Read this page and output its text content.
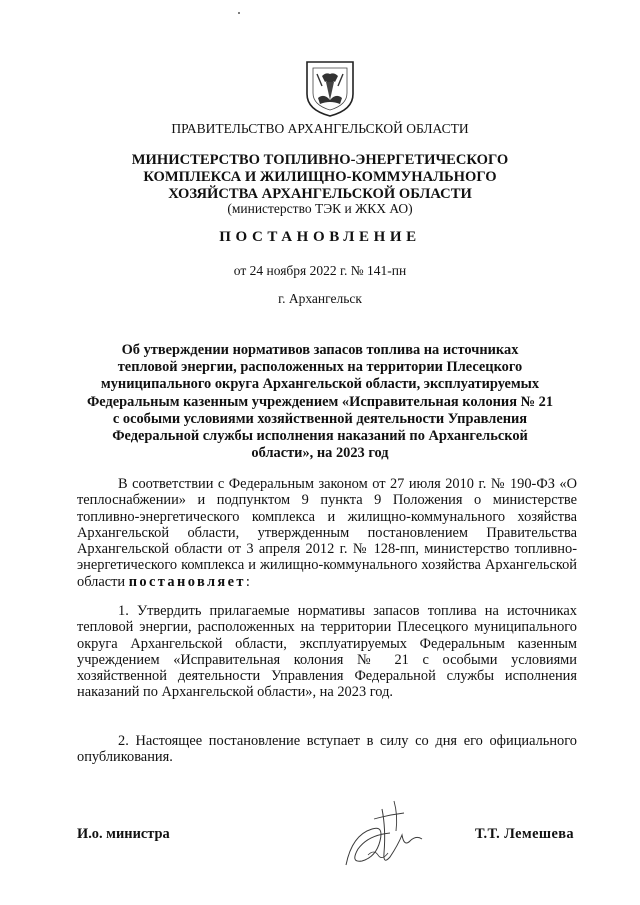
ПРАВИТЕЛЬСТВО АРХАНГЕЛЬСКОЙ ОБЛАСТИ
МИНИСТЕРСТВО ТОПЛИВНО-ЭНЕРГЕТИЧЕСКОГО
КОМПЛЕКСА И ЖИЛИЩНО-КОММУНАЛЬНОГО
ХОЗЯЙСТВА АРХАНГЕЛЬСКОЙ ОБЛАСТИ
(министерство ТЭК и ЖКХ АО)
ПОСТАНОВЛЕНИЕ
от 24 ноября 2022 г. № 141-пн
г. Архангельск
Об утверждении нормативов запасов топлива на источниках
тепловой энергии, расположенных на территории Плесецкого
муниципального округа Архангельской области, эксплуатируемых
Федеральным казенным учреждением «Исправительная колония № 21
с особыми условиями хозяйственной деятельности Управления
Федеральной службы исполнения наказаний по Архангельской
области», на 2023 год

В соответствии с Федеральным законом от 27 июля 2010 г. № 190-ФЗ «О теплоснабжении» и подпунктом 9 пункта 9 Положения о министерстве топливно-энергетического комплекса и жилищно-коммунального хозяйства Архангельской области, утвержденным постановлением Правительства Архангельской области от 3 апреля 2012 г. № 128-пп, министерство топливно-энергетического комплекса и жилищно-коммунального хозяйства Архангельской области постановляет:

1. Утвердить прилагаемые нормативы запасов топлива на источниках тепловой энергии, расположенных на территории Плесецкого муниципального округа Архангельской области, эксплуатируемых Федеральным казенным учреждением «Исправительная колония № 21 с особыми условиями хозяйственной деятельности Управления Федеральной службы исполнения наказаний по Архангельской области», на 2023 год.

2. Настоящее постановление вступает в силу со дня его официального опубликования.

И.о. министра	Т.Т. Лемешева
